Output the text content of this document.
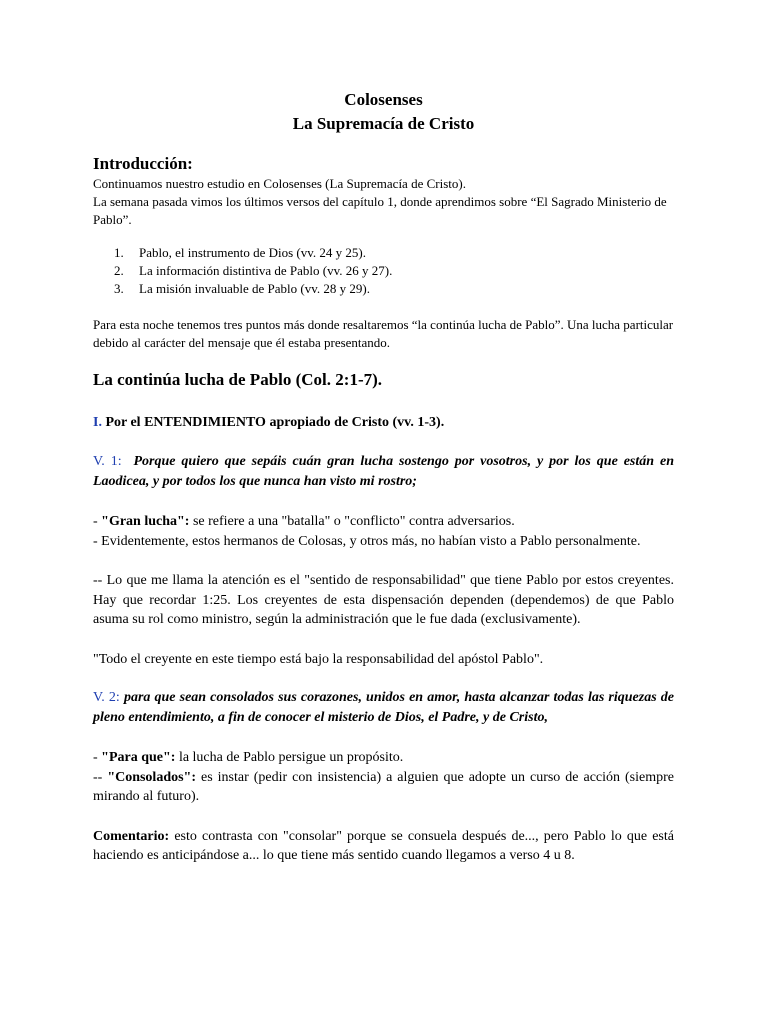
Colosenses
La Supremacía de Cristo
Introducción:
Continuamos nuestro estudio en Colosenses (La Supremacía de Cristo).
La semana pasada vimos los últimos versos del capítulo 1, donde aprendimos sobre “El Sagrado Ministerio de Pablo”.
1.	Pablo, el instrumento de Dios (vv. 24 y 25).
2.	La información distintiva de Pablo (vv. 26 y 27).
3.	La misión invaluable de Pablo (vv. 28 y 29).
Para esta noche tenemos tres puntos más donde resaltaremos “la continúa lucha de Pablo”. Una lucha particular debido al carácter del mensaje que él estaba presentando.
La continúa lucha de Pablo (Col. 2:1-7).
I. Por el ENTENDIMIENTO apropiado de Cristo (vv. 1-3).
V. 1: Porque quiero que sepáis cuán gran lucha sostengo por vosotros, y por los que están en Laodicea, y por todos los que nunca han visto mi rostro;
- "Gran lucha": se refiere a una "batalla" o "conflicto" contra adversarios.
- Evidentemente, estos hermanos de Colosas, y otros más, no habían visto a Pablo personalmente.
-- Lo que me llama la atención es el "sentido de responsabilidad" que tiene Pablo por estos creyentes. Hay que recordar 1:25. Los creyentes de esta dispensación dependen (dependemos) de que Pablo asuma su rol como ministro, según la administración que le fue dada (exclusivamente).
"Todo el creyente en este tiempo está bajo la responsabilidad del apóstol Pablo".
V. 2: para que sean consolados sus corazones, unidos en amor, hasta alcanzar todas las riquezas de pleno entendimiento, a fin de conocer el misterio de Dios, el Padre, y de Cristo,
- "Para que": la lucha de Pablo persigue un propósito.
-- "Consolados": es instar (pedir con insistencia) a alguien que adopte un curso de acción (siempre mirando al futuro).
Comentario: esto contrasta con "consolar" porque se consuela después de..., pero Pablo lo que está haciendo es anticipándose a... lo que tiene más sentido cuando llegamos a verso 4 u 8.
